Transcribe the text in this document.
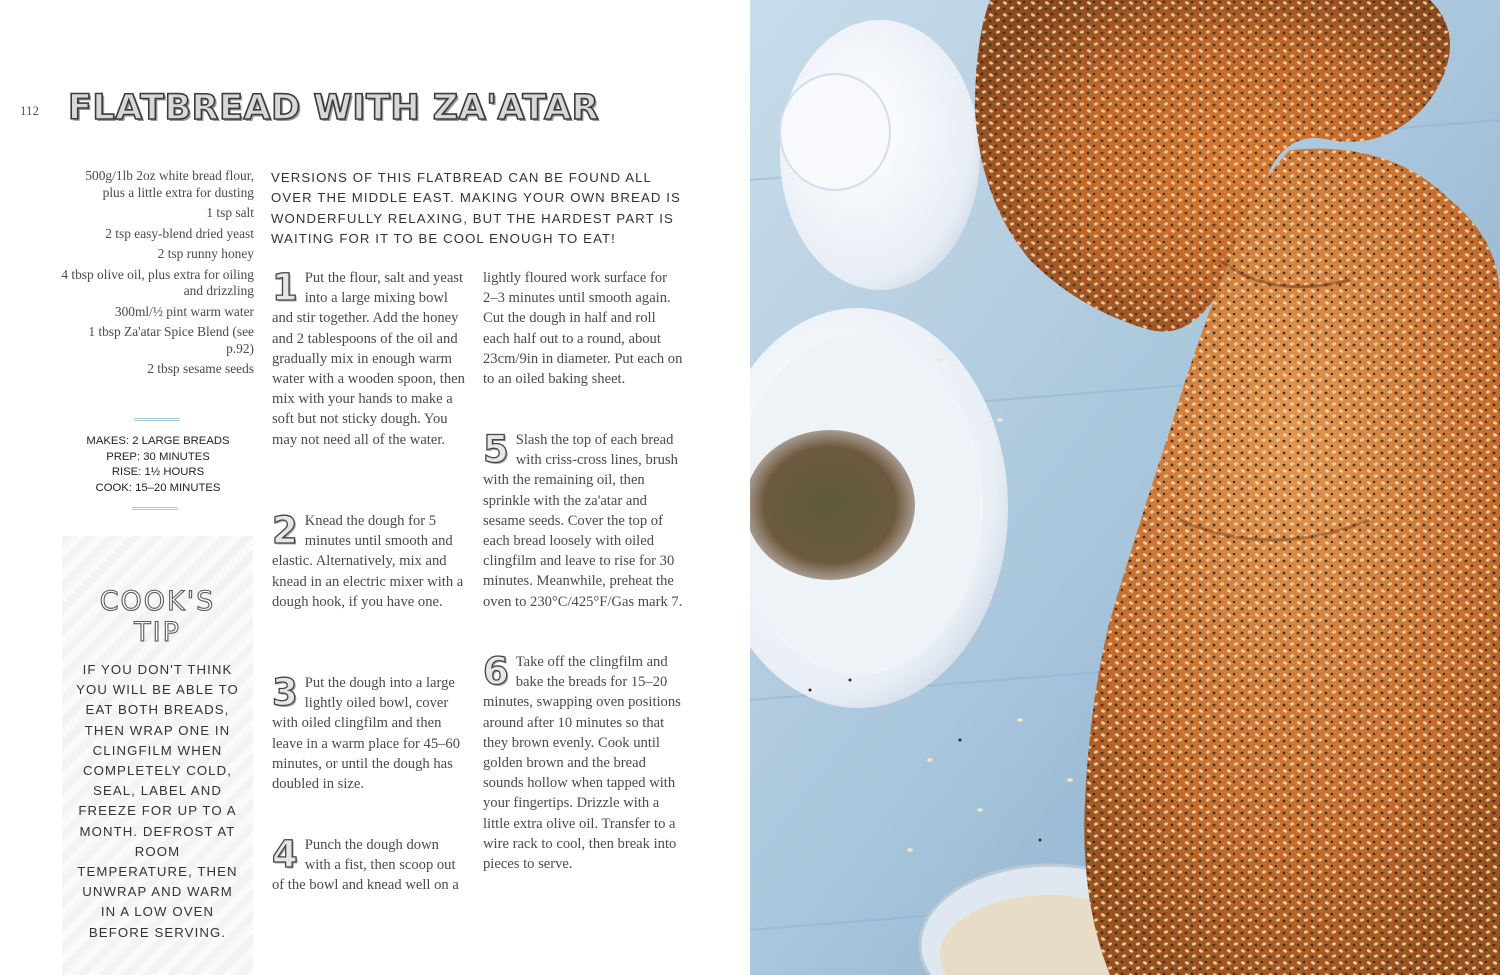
112 FLATBREAD WITH ZA'ATAR
500g/1lb 2oz white bread flour, plus a little extra for dusting
1 tsp salt
2 tsp easy-blend dried yeast
2 tsp runny honey
4 tbsp olive oil, plus extra for oiling and drizzling
300ml/½ pint warm water
1 tbsp Za'atar Spice Blend (see p.92)
2 tbsp sesame seeds
MAKES: 2 LARGE BREADS
PREP: 30 MINUTES
RISE: 1½ HOURS
COOK: 15–20 MINUTES
COOK'S
TIP

IF YOU DON'T THINK YOU WILL BE ABLE TO EAT BOTH BREADS, THEN WRAP ONE IN CLINGFILM WHEN COMPLETELY COLD, SEAL, LABEL AND FREEZE FOR UP TO A MONTH. DEFROST AT ROOM TEMPERATURE, THEN UNWRAP AND WARM IN A LOW OVEN BEFORE SERVING.

VERSIONS OF THIS FLATBREAD CAN BE FOUND ALL OVER THE MIDDLE EAST. MAKING YOUR OWN BREAD IS WONDERFULLY RELAXING, BUT THE HARDEST PART IS WAITING FOR IT TO BE COOL ENOUGH TO EAT!

1 Put the flour, salt and yeast into a large mixing bowl and stir together. Add the honey and 2 tablespoons of the oil and gradually mix in enough warm water with a wooden spoon, then mix with your hands to make a soft but not sticky dough. You may not need all of the water.
2 Knead the dough for 5 minutes until smooth and elastic. Alternatively, mix and knead in an electric mixer with a dough hook, if you have one.
3 Put the dough into a large lightly oiled bowl, cover with oiled clingfilm and then leave in a warm place for 45–60 minutes, or until the dough has doubled in size.
4 Punch the dough down with a fist, then scoop out of the bowl and knead well on a
lightly floured work surface for 2–3 minutes until smooth again. Cut the dough in half and roll each half out to a round, about 23cm/9in in diameter. Put each on to an oiled baking sheet.
5 Slash the top of each bread with criss-cross lines, brush with the remaining oil, then sprinkle with the za'atar and sesame seeds. Cover the top of each bread loosely with oiled clingfilm and leave to rise for 30 minutes. Meanwhile, preheat the oven to 230°C/425°F/Gas mark 7.
6 Take off the clingfilm and bake the breads for 15–20 minutes, swapping oven positions around after 10 minutes so that they brown evenly. Cook until golden brown and the bread sounds hollow when tapped with your fingertips. Drizzle with a little extra olive oil. Transfer to a wire rack to cool, then break into pieces to serve.
